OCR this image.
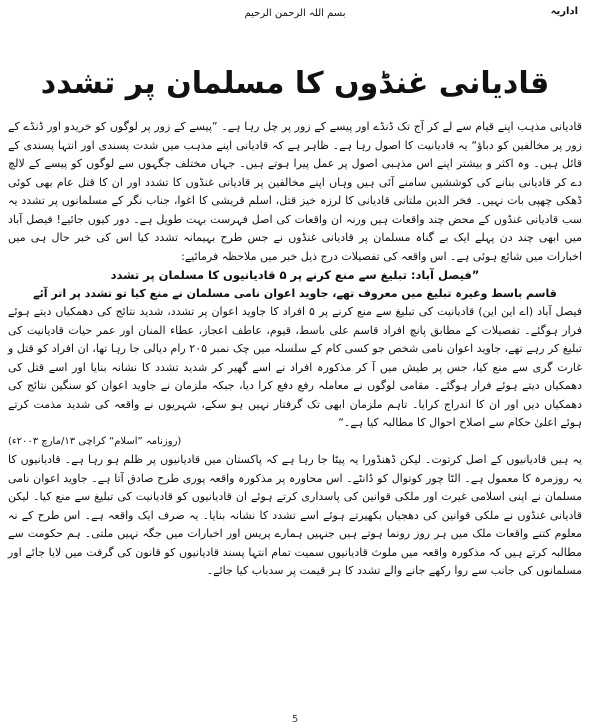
اداریہ
بسم اللہ الرحمن الرحیم
قادیانی غنڈوں کا مسلمان پر تشدد

قادیانی مذہب اپنے قیام سے لے کر آج تک ڈنڈے اور پیسے کے زور پر چل رہا ہے۔ ”پیسے کے زور پر لوگوں کو خریدو اور ڈنڈے کے زور پر مخالفین کو دباؤ“ یہ قادیانیت کا اصول رہا ہے۔ ظاہر ہے کہ قادیانی اپنے مذہب میں شدت پسندی اور انتہا پسندی کے قائل ہیں۔ وہ اکثر و بیشتر اپنے اس مذہبی اصول پر عمل پیرا ہوتے ہیں۔ جہاں مختلف جگہوں سے لوگوں کو پیسے کے لالچ دے کر قادیانی بنانے کی کوششیں سامنے آئی ہیں وہاں اپنے مخالفین پر قادیانی غنڈوں کا تشدد اور ان کا قتل عام بھی کوئی ڈھکی چھپی بات نہیں۔ فخر الدین ملتانی قادیانی کا لرزہ خیز قتل، اسلم قریشی کا اغوا، جناب نگر کے مسلمانوں پر تشدد یہ سب قادیانی غنڈوں کے محض چند واقعات ہیں ورنہ ان واقعات کی اصل فہرست بہت طویل ہے۔ دور کیوں جائیے! فیصل آباد میں ابھی چند دن پہلے ایک بے گناہ مسلمان پر قادیانی غنڈوں نے جس طرح بہیمانہ تشدد کیا اس کی خبر حال ہی میں اخبارات میں شائع ہوئی ہے۔ اس واقعہ کی تفصیلات درج ذیل خبر میں ملاحظہ فرمائیے:

”فیصل آباد: تبلیغ سے منع کرنے پر ۵ قادیانیوں کا مسلمان پر تشدد

قاسم باسط وغیرہ تبلیغ میں معروف تھے، جاوید اعوان نامی مسلمان نے منع کیا تو تشدد پر اتر آئے

فیصل آباد (اے این این) قادیانیت کی تبلیغ سے منع کرنے پر ۵ افراد کا جاوید اعوان پر تشدد، شدید نتائج کی دھمکیاں دیتے ہوئے فرار ہوگئے۔ تفصیلات کے مطابق پانچ افراد قاسم علی باسط، قیوم، عاطف اعجاز، عطاء المنان اور عمر حیات قادیانیت کی تبلیغ کر رہے تھے، جاوید اعوان نامی شخص جو کسی کام کے سلسلہ میں چک نمبر ۲۰۵ رام دیالی جا رہا تھا، ان افراد کو قتل و غارت گری سے منع کیا، جس پر طیش میں آ کر مذکورہ افراد نے اسے گھیر کر شدید تشدد کا نشانہ بنایا اور اسے قتل کی دھمکیاں دیتے ہوئے فرار ہوگئے۔ مقامی لوگوں نے معاملہ رفع دفع کرا دیا، جبکہ ملزمان نے جاوید اعوان کو سنگین نتائج کی دھمکیاں دیں اور ان کا اندراج کرایا۔ تاہم ملزمان ابھی تک گرفتار نہیں ہو سکے، شہریوں نے واقعہ کی شدید مذمت کرتے ہوئے اعلیٰ حکام سے اصلاح احوال کا مطالبہ کیا ہے۔“

(روزنامہ ”اسلام“ کراچی ۱۳/مارچ ۲۰۰۳ء)

یہ ہیں قادیانیوں کے اصل کرتوت۔ لیکن ڈھنڈورا یہ پیٹا جا رہا ہے کہ پاکستان میں قادیانیوں پر ظلم ہو رہا ہے۔ قادیانیوں کا یہ روزمرہ کا معمول ہے۔ الٹا چور کوتوال کو ڈانٹے۔ اس محاورہ پر مذکورہ واقعہ پوری طرح صادق آتا ہے۔ جاوید اعوان نامی مسلمان نے اپنی اسلامی غیرت اور ملکی قوانین کی پاسداری کرتے ہوئے ان قادیانیوں کو قادیانیت کی تبلیغ سے منع کیا۔ لیکن قادیانی غنڈوں نے ملکی قوانین کی دھجیاں بکھیرتے ہوئے اسے تشدد کا نشانہ بنایا۔ یہ صرف ایک واقعہ ہے۔ اس طرح کے نہ معلوم کتنے واقعات ملک میں ہر روز رونما ہوتے ہیں جنہیں ہمارے پریس اور اخبارات میں جگہ نہیں ملتی۔ ہم حکومت سے مطالبہ کرتے ہیں کہ مذکورہ واقعہ میں ملوث قادیانیوں سمیت تمام انتہا پسند قادیانیوں کو قانون کی گرفت میں لایا جائے اور مسلمانوں کی جانب سے روا رکھے جانے والے تشدد کا ہر قیمت پر سدباب کیا جائے۔

5
